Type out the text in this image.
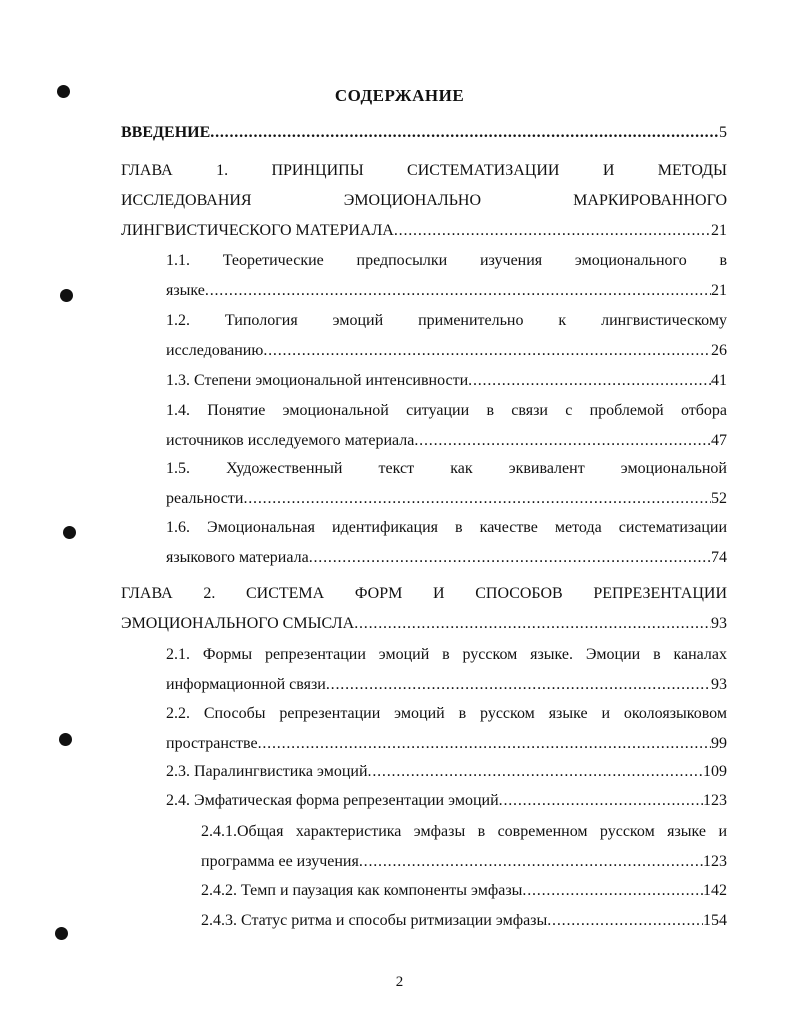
СОДЕРЖАНИЕ
ВВЕДЕНИЕ . . .	5
ГЛАВА 1. ПРИНЦИПЫ СИСТЕМАТИЗАЦИИ И МЕТОДЫ
ИССЛЕДОВАНИЯ ЭМОЦИОНАЛЬНО МАРКИРОВАННОГО
ЛИНГВИСТИЧЕСКОГО МАТЕРИАЛА . . .	21
1.1. Теоретические предпосылки изучения эмоционального в
языке . . .	21
1.2. Типология эмоций применительно к лингвистическому
исследованию . . .	26
1.3. Степени эмоциональной интенсивности . . .	41
1.4. Понятие эмоциональной ситуации в связи с проблемой отбора
источников исследуемого материала . . .	47
1.5. Художественный текст как эквивалент эмоциональной
реальности . . .	52
1.6. Эмоциональная идентификация в качестве метода систематизации
языкового материала . . .	74
ГЛАВА 2. СИСТЕМА ФОРМ И СПОСОБОВ РЕПРЕЗЕНТАЦИИ
ЭМОЦИОНАЛЬНОГО СМЫСЛА . . .	93
2.1. Формы репрезентации эмоций в русском языке. Эмоции в каналах
информационной связи . . .	93
2.2. Способы репрезентации эмоций в русском языке и околоязыковом
пространстве . . .	99
2.3. Паралингвистика эмоций . . .	109
2.4. Эмфатическая форма репрезентации эмоций . . .	123
2.4.1.Общая характеристика эмфазы в современном русском языке и
программа ее изучения . . .	123
2.4.2. Темп и паузация как компоненты эмфазы . . .	142
2.4.3. Статус ритма и способы ритмизации эмфазы . . .	154
2
